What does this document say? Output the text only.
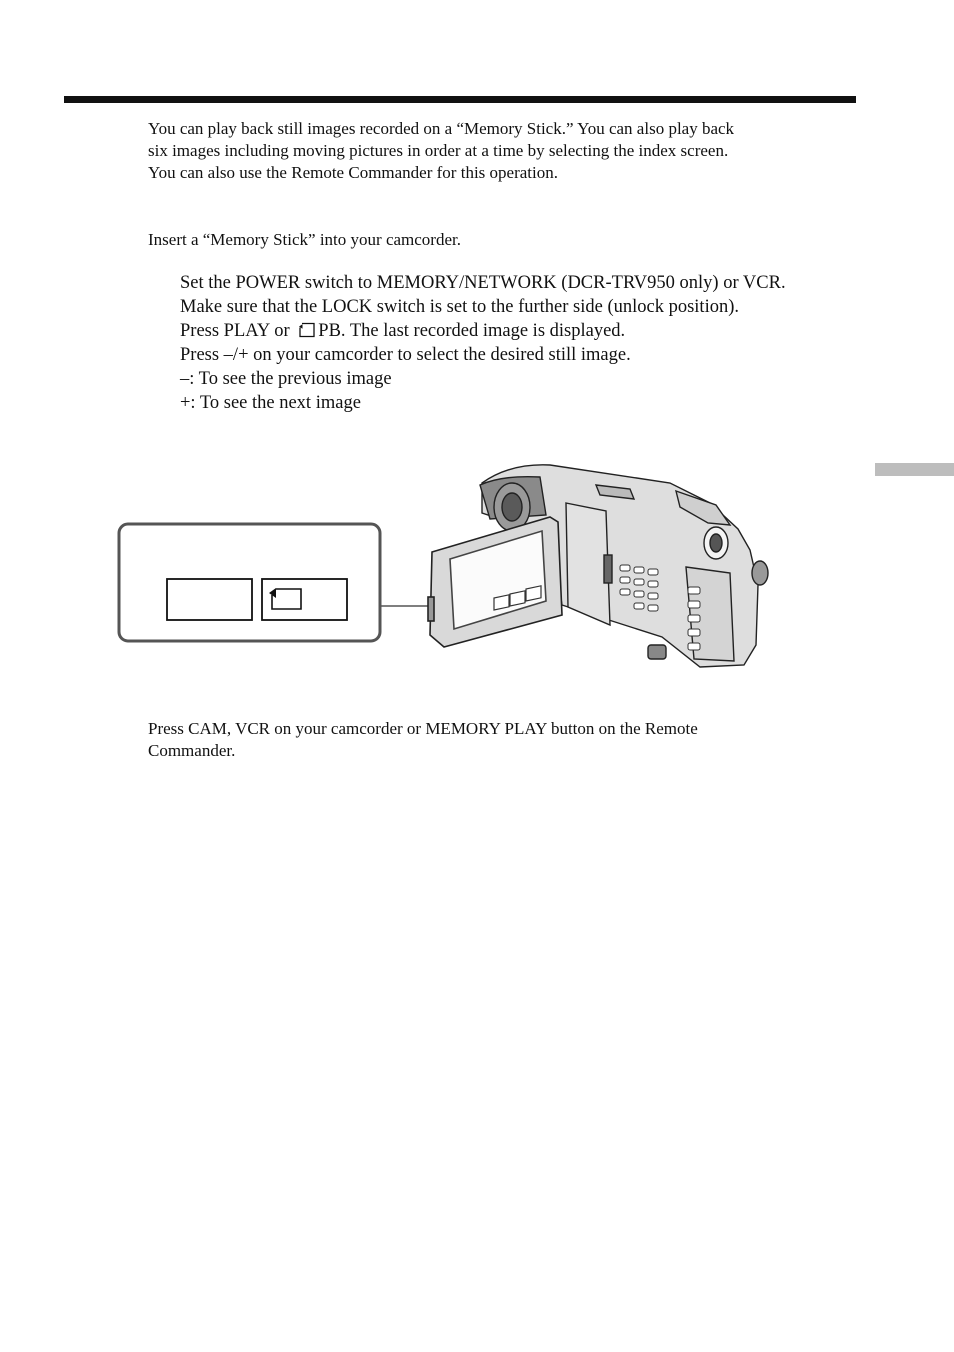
You can play back still images recorded on a “Memory Stick.” You can also play back
six images including moving pictures in order at a time by selecting the index screen.
You can also use the Remote Commander for this operation.

Insert a “Memory Stick” into your camcorder.

Set the POWER switch to MEMORY/NETWORK (DCR-TRV950 only) or VCR.
Make sure that the LOCK switch is set to the further side (unlock position).
Press PLAY or PB. The last recorded image is displayed.
Press –/+ on your camcorder to select the desired still image.
–: To see the previous image
+: To see the next image

Press CAM, VCR on your camcorder or MEMORY PLAY button on the Remote
Commander.
